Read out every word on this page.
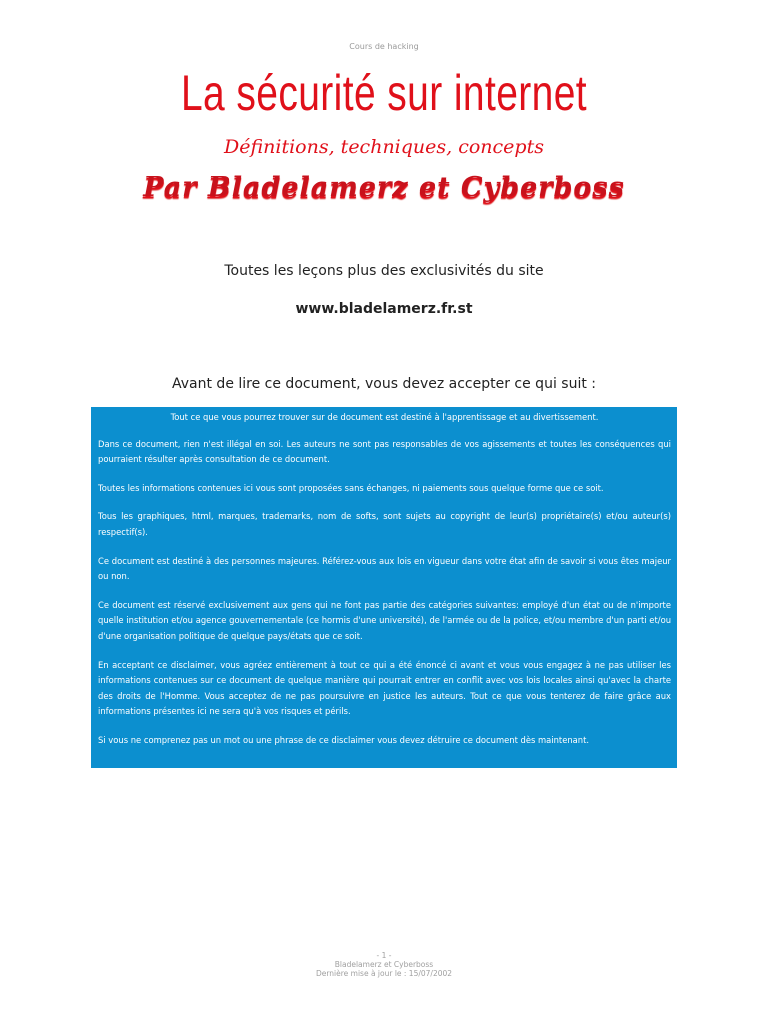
Cours de hacking
La sécurité sur internet
Définitions, techniques, concepts
Par Bladelamerz et Cyberboss
Toutes les leçons plus des exclusivités du site
www.bladelamerz.fr.st
Avant de lire ce document, vous devez accepter ce qui suit :

Tout ce que vous pourrez trouver sur de document est destiné à l'apprentissage et au divertissement.

Dans ce document, rien n'est illégal en soi. Les auteurs ne sont pas responsables de vos agissements et toutes les conséquences qui pourraient résulter après consultation de ce document.

Toutes les informations contenues ici vous sont proposées sans échanges, ni paiements sous quelque forme que ce soit.

Tous les graphiques, html, marques, trademarks, nom de softs, sont sujets au copyright de leur(s) propriétaire(s) et/ou auteur(s) respectif(s).

Ce document est destiné à des personnes majeures. Référez-vous aux lois en vigueur dans votre état afin de savoir si vous êtes majeur ou non.

Ce document est réservé exclusivement aux gens qui ne font pas partie des catégories suivantes: employé d'un état ou de n'importe quelle institution et/ou agence gouvernementale (ce hormis d'une université), de l'armée ou de la police, et/ou membre d'un parti et/ou d'une organisation politique de quelque pays/états que ce soit.

En acceptant ce disclaimer, vous agréez entièrement à tout ce qui a été énoncé ci avant et vous vous engagez à ne pas utiliser les informations contenues sur ce document de quelque manière qui pourrait entrer en conflit avec vos lois locales ainsi qu'avec la charte des droits de l'Homme. Vous acceptez de ne pas poursuivre en justice les auteurs. Tout ce que vous tenterez de faire grâce aux informations présentes ici ne sera qu'à vos risques et périls.

Si vous ne comprenez pas un mot ou une phrase de ce disclaimer vous devez détruire ce document dès maintenant.

- 1 -
Bladelamerz et Cyberboss
Dernière mise à jour le : 15/07/2002
